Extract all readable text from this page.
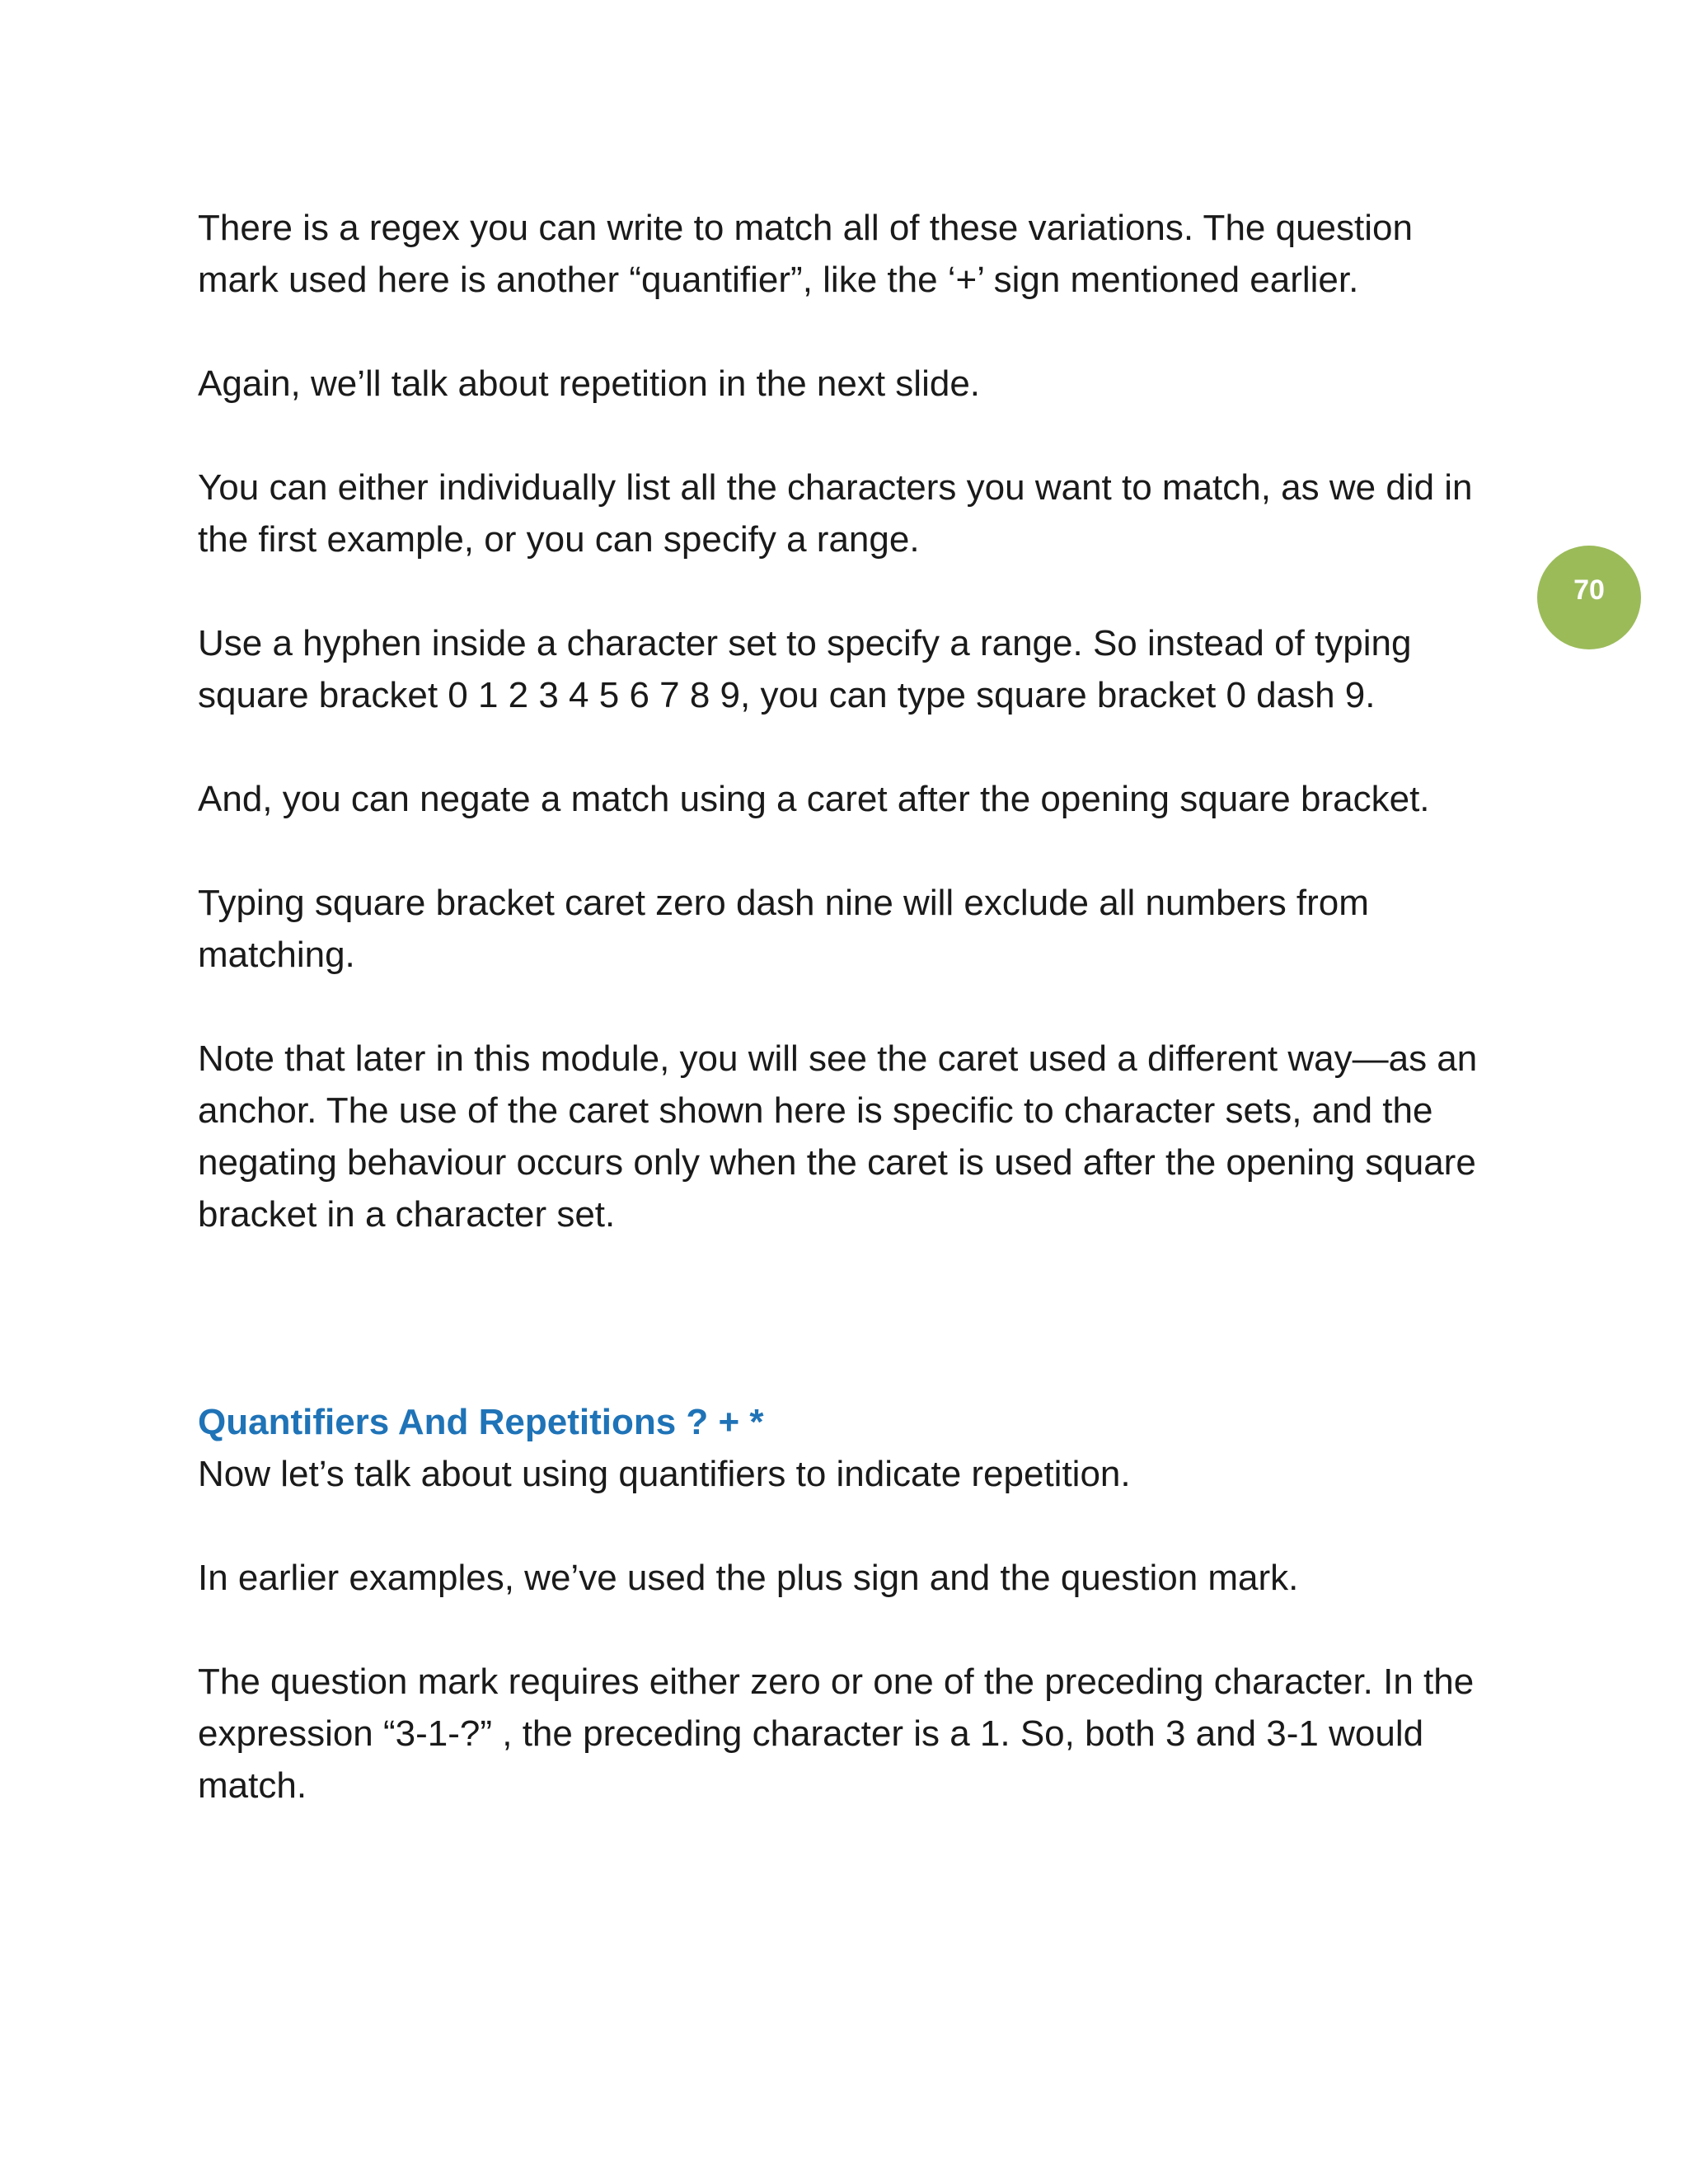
There is a regex you can write to match all of these variations. The question mark used here is another “quantifier”, like the ‘+’ sign mentioned earlier.

Again, we’ll talk about repetition in the next slide.

You can either individually list all the characters you want to match, as we did in the first example, or you can specify a range.

Use a hyphen inside a character set to specify a range. So instead of typing square bracket 0 1 2 3 4 5 6 7 8 9, you can type square bracket 0 dash 9.

And, you can negate a match using a caret after the opening square bracket.

Typing square bracket caret zero dash nine will exclude all numbers from matching.

Note that later in this module, you will see the caret used a different way—as an anchor. The use of the caret shown here is specific to character sets, and the negating behaviour occurs only when the caret is used after the opening square bracket in a character set.

Quantifiers And Repetitions ? + *

Now let’s talk about using quantifiers to indicate repetition.

In earlier examples, we’ve used the plus sign and the question mark.

The question mark requires either zero or one of the preceding character. In the expression “3-1-?” , the preceding character is a 1. So, both 3 and 3-1 would match.

70
